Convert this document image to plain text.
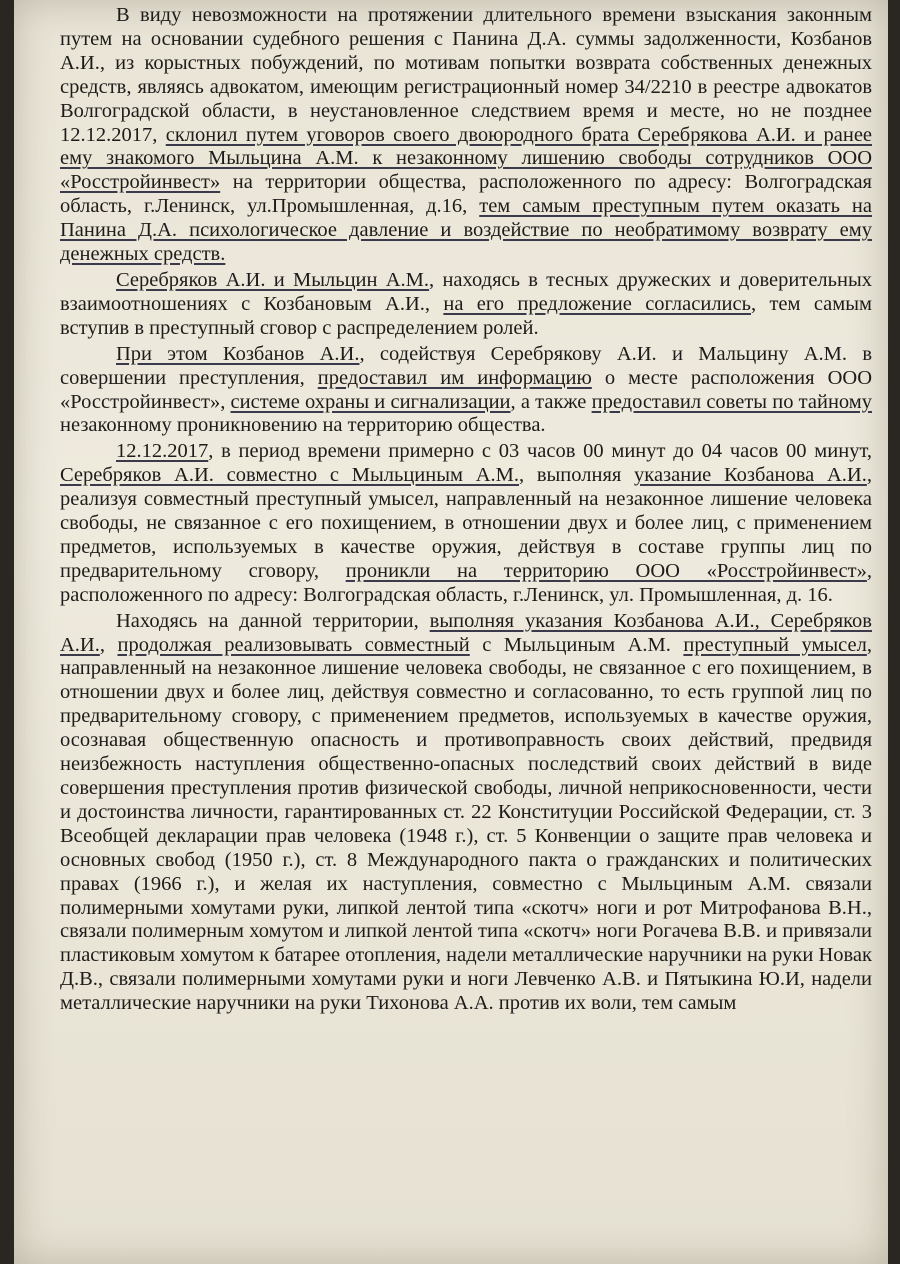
В виду невозможности на протяжении длительного времени взыскания законным путем на основании судебного решения с Панина Д.А. суммы задолженности, Козбанов А.И., из корыстных побуждений, по мотивам попытки возврата собственных денежных средств, являясь адвокатом, имеющим регистрационный номер 34/2210 в реестре адвокатов Волгоградской области, в неустановленное следствием время и месте, но не позднее 12.12.2017, склонил путем уговоров своего двоюродного брата Серебрякова А.И. и ранее ему знакомого Мыльцина А.М. к незаконному лишению свободы сотрудников ООО «Росстройинвест» на территории общества, расположенного по адресу: Волгоградская область, г.Ленинск, ул.Промышленная, д.16, тем самым преступным путем оказать на Панина Д.А. психологическое давление и воздействие по необратимому возврату ему денежных средств.

Серебряков А.И. и Мыльцин А.М., находясь в тесных дружеских и доверительных взаимоотношениях с Козбановым А.И., на его предложение согласились, тем самым вступив в преступный сговор с распределением ролей.

При этом Козбанов А.И., содействуя Серебрякову А.И. и Мальцину А.М. в совершении преступления, предоставил им информацию о месте расположения ООО «Росстройинвест», системе охраны и сигнализации, а также предоставил советы по тайному незаконному проникновению на территорию общества.

12.12.2017, в период времени примерно с 03 часов 00 минут до 04 часов 00 минут, Серебряков А.И. совместно с Мыльциным А.М., выполняя указание Козбанова А.И., реализуя совместный преступный умысел, направленный на незаконное лишение человека свободы, не связанное с его похищением, в отношении двух и более лиц, с применением предметов, используемых в качестве оружия, действуя в составе группы лиц по предварительному сговору, проникли на территорию ООО «Росстройинвест», расположенного по адресу: Волгоградская область, г.Ленинск, ул. Промышленная, д. 16.

Находясь на данной территории, выполняя указания Козбанова А.И., Серебряков А.И., продолжая реализовывать совместный с Мыльциным А.М. преступный умысел, направленный на незаконное лишение человека свободы, не связанное с его похищением, в отношении двух и более лиц, действуя совместно и согласованно, то есть группой лиц по предварительному сговору, с применением предметов, используемых в качестве оружия, осознавая общественную опасность и противоправность своих действий, предвидя неизбежность наступления общественно-опасных последствий своих действий в виде совершения преступления против физической свободы, личной неприкосновенности, чести и достоинства личности, гарантированных ст. 22 Конституции Российской Федерации, ст. 3 Всеобщей декларации прав человека (1948 г.), ст. 5 Конвенции о защите прав человека и основных свобод (1950 г.), ст. 8 Международного пакта о гражданских и политических правах (1966 г.), и желая их наступления, совместно с Мыльциным А.М. связали полимерными хомутами руки, липкой лентой типа «скотч» ноги и рот Митрофанова В.Н., связали полимерным хомутом и липкой лентой типа «скотч» ноги Рогачева В.В. и привязали пластиковым хомутом к батарее отопления, надели металлические наручники на руки Новак Д.В., связали полимерными хомутами руки и ноги Левченко А.В. и Пятыкина Ю.И, надели металлические наручники на руки Тихонова А.А. против их воли, тем самым
